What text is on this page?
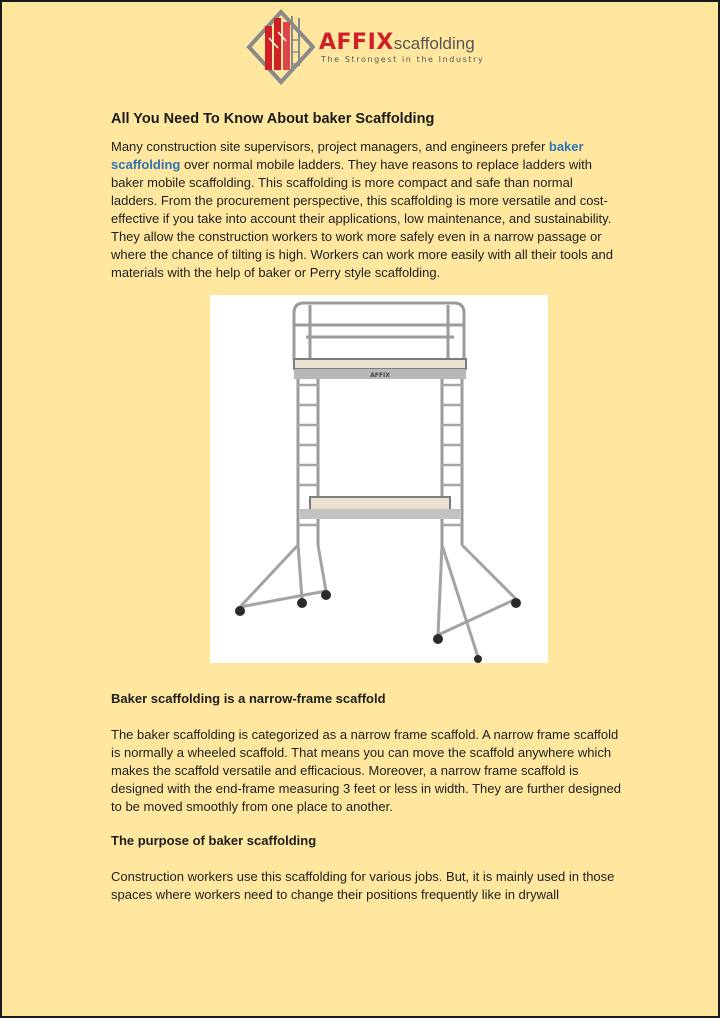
AFFIXscaffolding
The Strongest in the Industry
All You Need To Know About baker Scaffolding

Many construction site supervisors, project managers, and engineers prefer baker scaffolding over normal mobile ladders. They have reasons to replace ladders with baker mobile scaffolding. This scaffolding is more compact and safe than normal ladders. From the procurement perspective, this scaffolding is more versatile and cost-effective if you take into account their applications, low maintenance, and sustainability. They allow the construction workers to work more safely even in a narrow passage or where the chance of tilting is high. Workers can work more easily with all their tools and materials with the help of baker or Perry style scaffolding.

AFFIX
Baker scaffolding is a narrow-frame scaffold

The baker scaffolding is categorized as a narrow frame scaffold. A narrow frame scaffold is normally a wheeled scaffold. That means you can move the scaffold anywhere which makes the scaffold versatile and efficacious. Moreover, a narrow frame scaffold is designed with the end-frame measuring 3 feet or less in width. They are further designed to be moved smoothly from one place to another.

The purpose of baker scaffolding

Construction workers use this scaffolding for various jobs. But, it is mainly used in those spaces where workers need to change their positions frequently like in drywall
